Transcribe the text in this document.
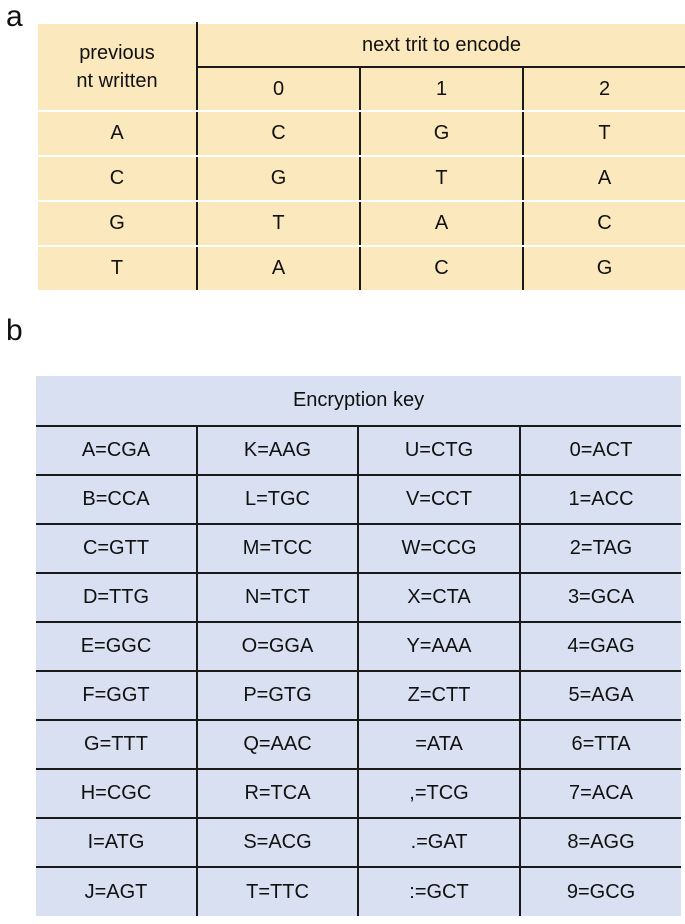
a
previous
nt written	next trit to encode		
	0	1	2
A	C	G	T
C	G	T	A
G	T	A	C
T	A	C	G
b
Encryption key			
A=CGA	K=AAG	U=CTG	0=ACT
B=CCA	L=TGC	V=CCT	1=ACC
C=GTT	M=TCC	W=CCG	2=TAG
D=TTG	N=TCT	X=CTA	3=GCA
E=GGC	O=GGA	Y=AAA	4=GAG
F=GGT	P=GTG	Z=CTT	5=AGA
G=TTT	Q=AAC	=ATA	6=TTA
H=CGC	R=TCA	,=TCG	7=ACA
I=ATG	S=ACG	.=GAT	8=AGG
J=AGT	T=TTC	:=GCT	9=GCG
